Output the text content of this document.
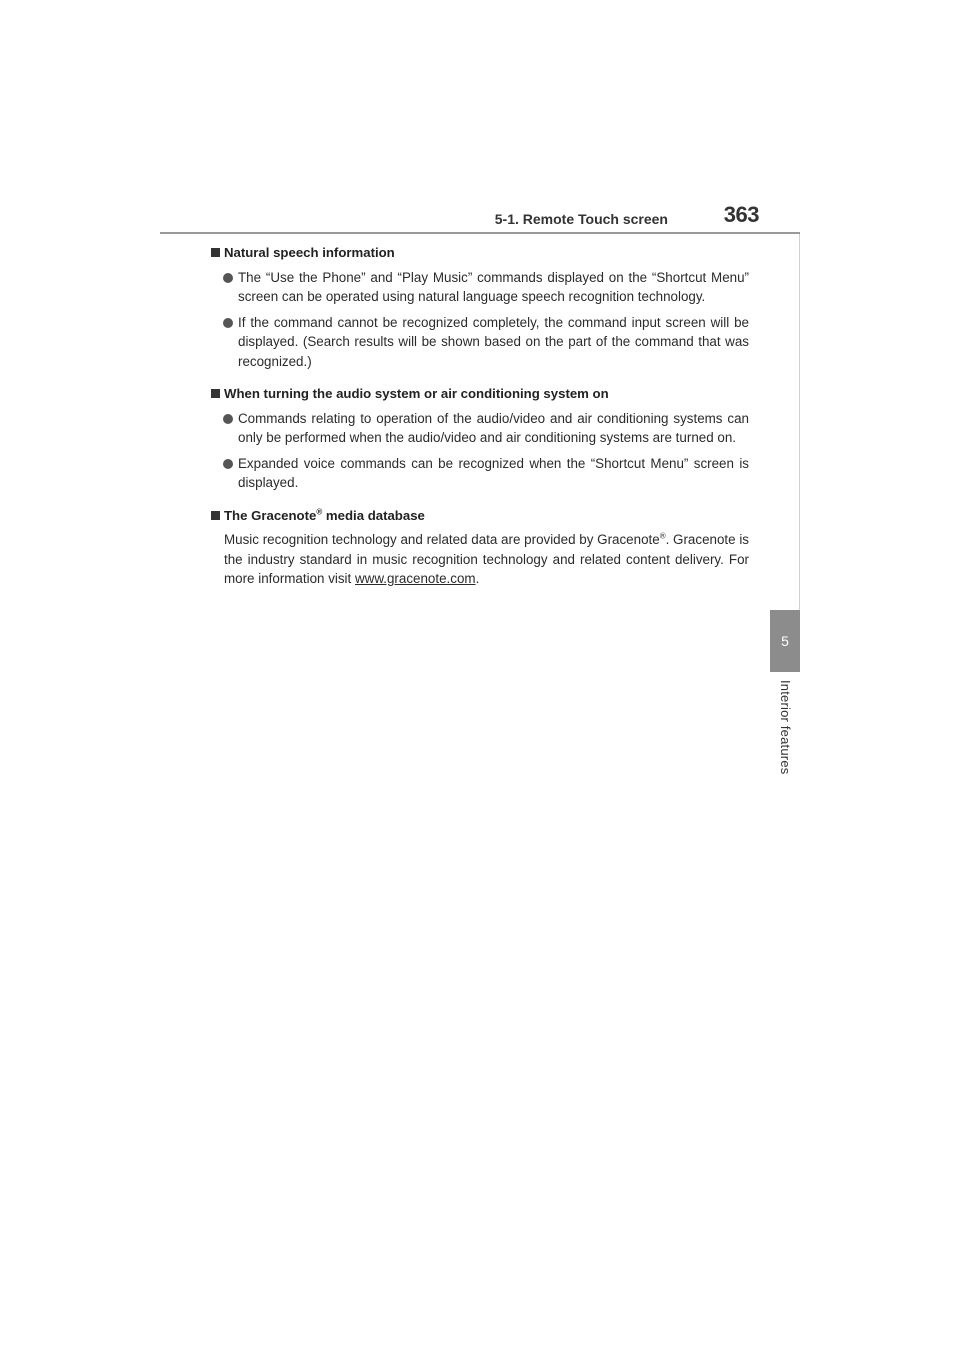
5-1. Remote Touch screen	363
5
Interior features
Natural speech information
The “Use the Phone” and “Play Music” commands displayed on the “Shortcut Menu” screen can be operated using natural language speech recognition technology.
If the command cannot be recognized completely, the command input screen will be displayed. (Search results will be shown based on the part of the command that was recognized.)
When turning the audio system or air conditioning system on
Commands relating to operation of the audio/video and air conditioning systems can only be performed when the audio/video and air conditioning systems are turned on.
Expanded voice commands can be recognized when the “Shortcut Menu” screen is displayed.
The Gracenote® media database

Music recognition technology and related data are provided by Gracenote®. Gracenote is the industry standard in music recognition technology and related content delivery. For more information visit www.gracenote.com.
